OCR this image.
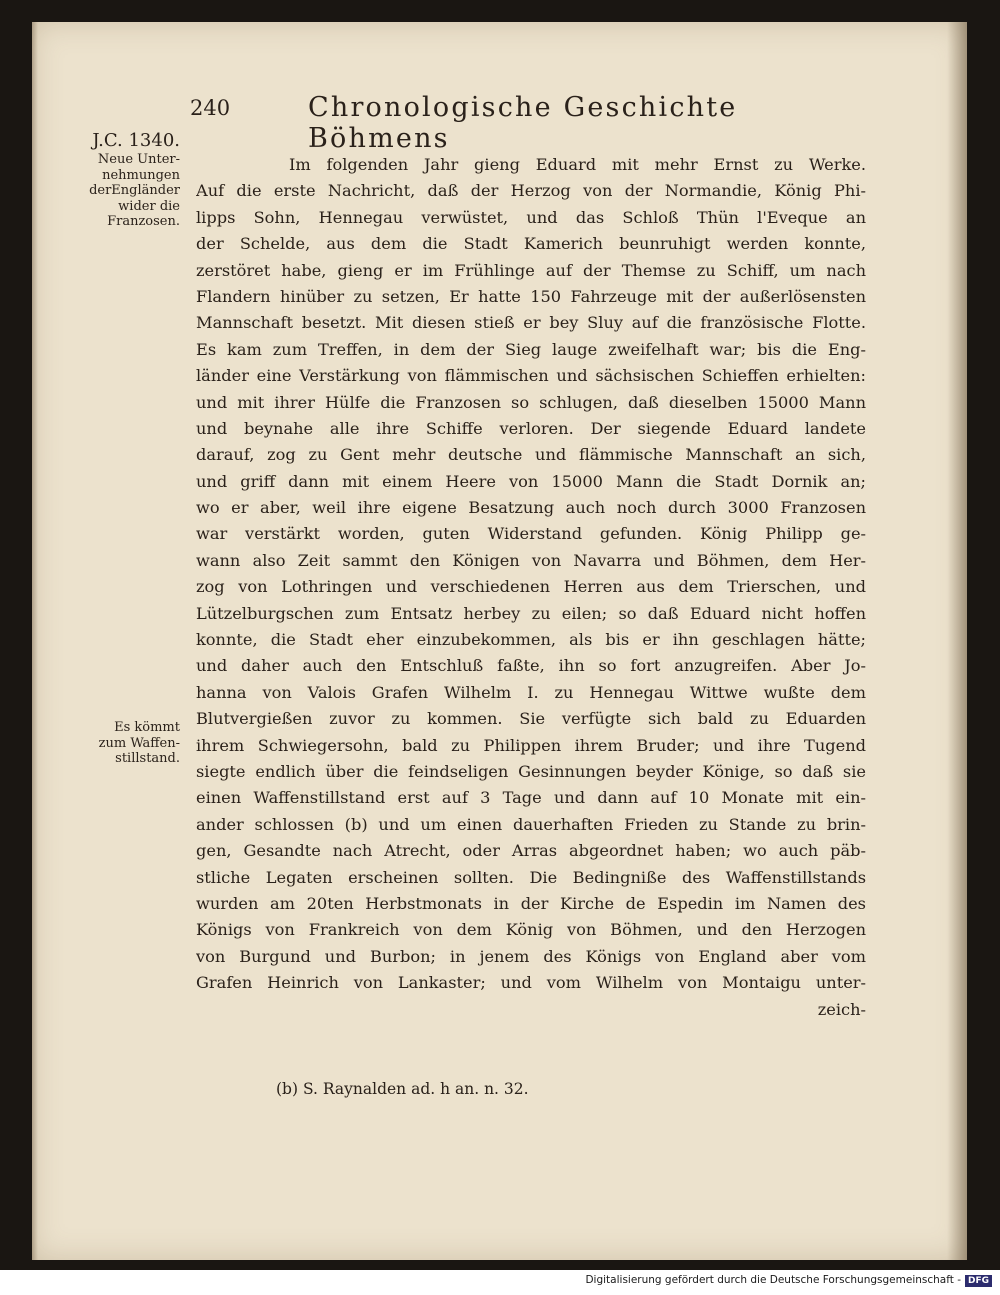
240	Chronologische Geschichte Böhmens
J.C. 1340.
Neue Unter-
nehmungen
derEngländer
wider die
Franzosen.
Es kömmt
zum Waffen-
stillstand.
Im folgenden Jahr gieng Eduard mit mehr Ernst zu Werke.
Auf die erste Nachricht, daß der Herzog von der Normandie, König Phi-
lipps Sohn, Hennegau verwüstet, und das Schloß Thün l'Eveque an
der Schelde, aus dem die Stadt Kamerich beunruhigt werden konnte,
zerstöret habe, gieng er im Frühlinge auf der Themse zu Schiff, um nach
Flandern hinüber zu setzen, Er hatte 150 Fahrzeuge mit der außerlösensten
Mannschaft besetzt. Mit diesen stieß er bey Sluy auf die französische Flotte.
Es kam zum Treffen, in dem der Sieg lauge zweifelhaft war; bis die Eng-
länder eine Verstärkung von flämmischen und sächsischen Schieffen erhielten:
und mit ihrer Hülfe die Franzosen so schlugen, daß dieselben 15000 Mann
und beynahe alle ihre Schiffe verloren. Der siegende Eduard landete
darauf, zog zu Gent mehr deutsche und flämmische Mannschaft an sich,
und griff dann mit einem Heere von 15000 Mann die Stadt Dornik an;
wo er aber, weil ihre eigene Besatzung auch noch durch 3000 Franzosen
war verstärkt worden, guten Widerstand gefunden. König Philipp ge-
wann also Zeit sammt den Königen von Navarra und Böhmen, dem Her-
zog von Lothringen und verschiedenen Herren aus dem Trierschen, und
Lützelburgschen zum Entsatz herbey zu eilen; so daß Eduard nicht hoffen
konnte, die Stadt eher einzubekommen, als bis er ihn geschlagen hätte;
und daher auch den Entschluß faßte, ihn so fort anzugreifen. Aber Jo-
hanna von Valois Grafen Wilhelm I. zu Hennegau Wittwe wußte dem
Blutvergießen zuvor zu kommen. Sie verfügte sich bald zu Eduarden
ihrem Schwiegersohn, bald zu Philippen ihrem Bruder; und ihre Tugend
siegte endlich über die feindseligen Gesinnungen beyder Könige, so daß sie
einen Waffenstillstand erst auf 3 Tage und dann auf 10 Monate mit ein-
ander schlossen (b) und um einen dauerhaften Frieden zu Stande zu brin-
gen, Gesandte nach Atrecht, oder Arras abgeordnet haben; wo auch päb-
stliche Legaten erscheinen sollten. Die Bedingniße des Waffenstillstands
wurden am 20ten Herbstmonats in der Kirche de Espedin im Namen des
Königs von Frankreich von dem König von Böhmen, und den Herzogen
von Burgund und Burbon; in jenem des Königs von England aber vom
Grafen Heinrich von Lankaster; und vom Wilhelm von Montaigu unter-
zeich-
(b) S. Raynalden ad. h an. n. 32.
Digitalisierung gefördert durch die Deutsche Forschungsgemeinschaft - DFG
